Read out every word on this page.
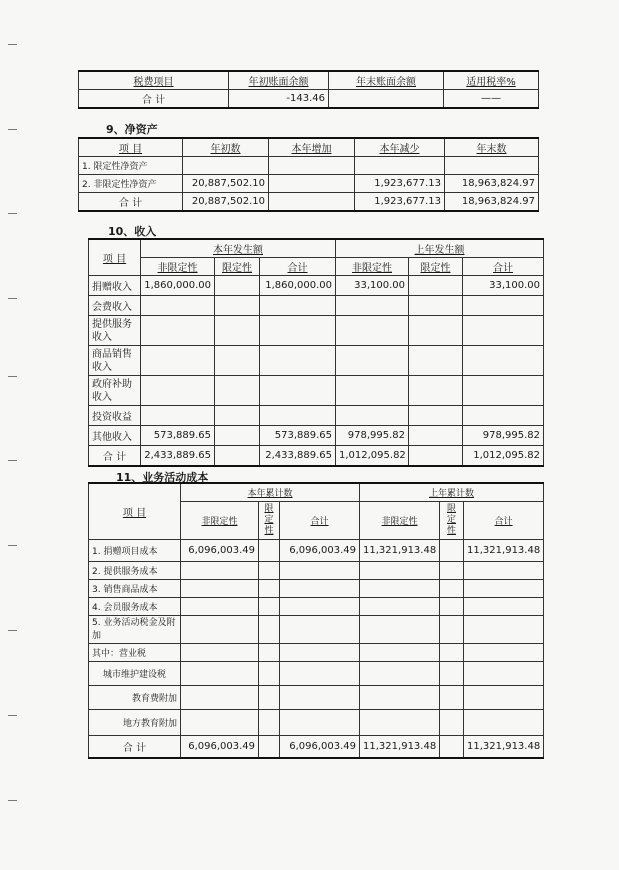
税费项目	年初账面余额	年末账面余额	适用税率%
合 计	-143.46		——
9、净资产
项 目	年初数	本年增加	本年减少	年末数
1. 限定性净资产				
2. 非限定性净资产	20,887,502.10		1,923,677.13	18,963,824.97
合 计	20,887,502.10		1,923,677.13	18,963,824.97
10、收入
项 目	本年发生额			上年发生额		
	非限定性	限定性	合计	非限定性	限定性	合计
捐赠收入	1,860,000.00		1,860,000.00	33,100.00		33,100.00
会费收入						
提供服务收入						
商品销售收入						
政府补助收入						
投资收益						
其他收入	573,889.65		573,889.65	978,995.82		978,995.82
合 计	2,433,889.65		2,433,889.65	1,012,095.82		1,012,095.82
11、业务活动成本
项 目	本年累计数			上年累计数		
	非限定性	限定性	合计	非限定性	限定性	合计
1. 捐赠项目成本	6,096,003.49		6,096,003.49	11,321,913.48		11,321,913.48
2. 提供服务成本						
3. 销售商品成本						
4. 会员服务成本						
5. 业务活动税金及附加						
其中：营业税						
城市维护建设税						
教育费附加						
地方教育附加						
合 计	6,096,003.49		6,096,003.49	11,321,913.48		11,321,913.48
